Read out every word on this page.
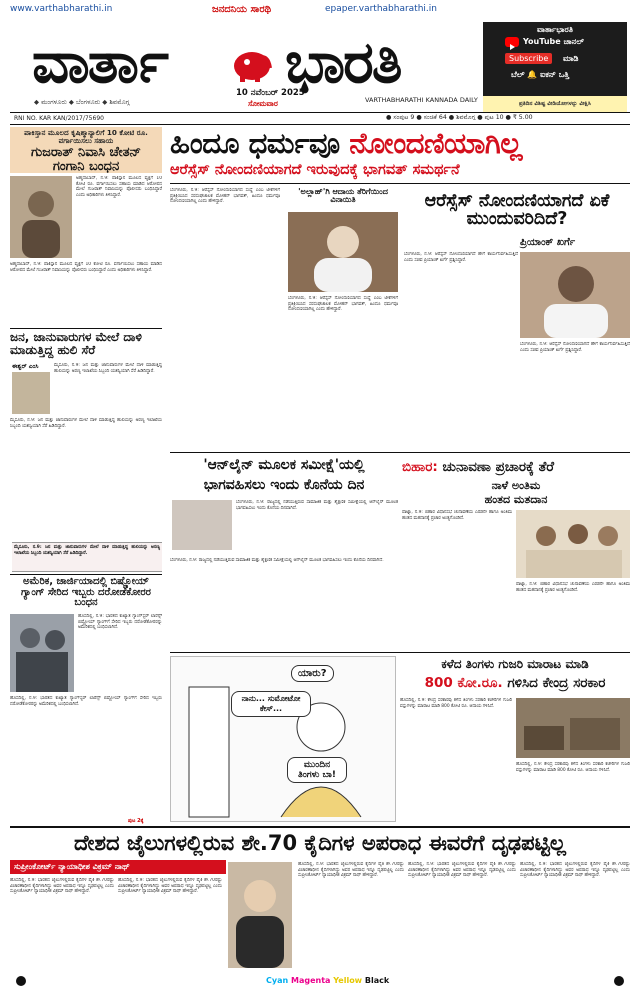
www.varthabharathi.in	epaper.varthabharathi.in
ಜನದನಿಯ ಸಾರಥಿ
ವಾರ್ತಾ ಭಾರತಿ
10 ನವೆಂಬರ್ 2025
ಸೋಮವಾರ
◆ ಮಂಗಳೂರು ◆ ಬೆಂಗಳೂರು ◆ ಶಿವಮೊಗ್ಗ	VARTHABHARATHI KANNADA DAILY
ವಾರ್ತಾಭಾರತಿ
YouTube ಚಾನಲ್
Subscribe	ಮಾಡಿ
ಬೆಲ್ 🔔 ಐಕನ್ ಒತ್ತಿ
ಪ್ರತಿದಿನ ವಿಶಿಷ್ಟ ವೀಡಿಯೋಗಳನ್ನು ವೀಕ್ಷಿಸಿ
RNI NO. KAR KAN/2017/75690	● ಸಂಪುಟ 9 ● ಸಂಚಿಕೆ 64 ● ಶಿವಮೊಗ್ಗ ● ಪುಟ 10 ● ₹ 5.00
ಪಾಕಿಸ್ತಾನ ಮೂಲದ ಕೃಷಿಶ್ಮಾನ್ಯಾಲಿಗೆ 10 ಕೋಟಿ ರೂ. ವರ್ಗಾಯಿಸಲು ಸಹಾಯ
ಗುಜರಾತ್ ನಿವಾಸಿ ಚೇತನ್ ಗಂಗಾನಿ ಬಂಧನ
ಅಹ್ಮದಾಬಾದ್, ನ.9: ಪಾಕಿಸ್ತಾನ ಮೂಲದ ವ್ಯಕ್ತಿಗೆ 10 ಕೋಟಿ ರೂ. ವರ್ಗಾಯಿಸಲು ಸಹಾಯ ಮಾಡಿದ ಆರೋಪದ ಮೇಲೆ ಗುಜರಾತ್ ನಿವಾಸಿಯನ್ನು ಪೊಲೀಸರು ಬಂಧಿಸಿದ್ದಾರೆ ಎಂದು ಅಧಿಕಾರಿಗಳು ತಿಳಿಸಿದ್ದಾರೆ.
ಅಹ್ಮದಾಬಾದ್, ನ.9: ಪಾಕಿಸ್ತಾನ ಮೂಲದ ವ್ಯಕ್ತಿಗೆ 10 ಕೋಟಿ ರೂ. ವರ್ಗಾಯಿಸಲು ಸಹಾಯ ಮಾಡಿದ ಆರೋಪದ ಮೇಲೆ ಗುಜರಾತ್ ನಿವಾಸಿಯನ್ನು ಪೊಲೀಸರು ಬಂಧಿಸಿದ್ದಾರೆ ಎಂದು ಅಧಿಕಾರಿಗಳು ತಿಳಿಸಿದ್ದಾರೆ.
ಜನ, ಜಾನುವಾರುಗಳ ಮೇಲೆ ದಾಳಿ ಮಾಡುತ್ತಿದ್ದ ಹುಲಿ ಸೆರೆ
ಈಶ್ವರ್ ಎಂಸಿ	ಮೈಸೂರು, ನ.9: ಜನ ಮತ್ತು ಜಾನುವಾರುಗಳ ಮೇಲೆ ದಾಳಿ ಮಾಡುತ್ತಿದ್ದ ಹುಲಿಯನ್ನು ಅರಣ್ಯ ಇಲಾಖೆಯ ಸಿಬ್ಬಂದಿ ಯಶಸ್ವಿಯಾಗಿ ಸೆರೆ ಹಿಡಿದಿದ್ದಾರೆ.
ಮೈಸೂರು, ನ.9: ಜನ ಮತ್ತು ಜಾನುವಾರುಗಳ ಮೇಲೆ ದಾಳಿ ಮಾಡುತ್ತಿದ್ದ ಹುಲಿಯನ್ನು ಅರಣ್ಯ ಇಲಾಖೆಯ ಸಿಬ್ಬಂದಿ ಯಶಸ್ವಿಯಾಗಿ ಸೆರೆ ಹಿಡಿದಿದ್ದಾರೆ.
ಮೈಸೂರು, ನ.9: ಜನ ಮತ್ತು ಜಾನುವಾರುಗಳ ಮೇಲೆ ದಾಳಿ ಮಾಡುತ್ತಿದ್ದ ಹುಲಿಯನ್ನು ಅರಣ್ಯ ಇಲಾಖೆಯ ಸಿಬ್ಬಂದಿ ಯಶಸ್ವಿಯಾಗಿ ಸೆರೆ ಹಿಡಿದಿದ್ದಾರೆ.
ಅಮೆರಿಕ, ಜಾರ್ಜಿಯಾದಲ್ಲಿ ಬಿಷ್ಣೋಯ್ ಗ್ಯಾಂಗ್ ಸೇರಿದ ಇಬ್ಬರು ದರೋಡೆಕೋರರ ಬಂಧನ
ಹೊಸದಿಲ್ಲಿ, ನ.9: ಭಾರತದ ಕುಖ್ಯಾತ ಗ್ಯಾಂಗ್‌ಸ್ಟರ್ ಲಾರೆನ್ಸ್ ಬಿಷ್ಣೋಯ್ ಗ್ಯಾಂಗ್‌ಗೆ ಸೇರಿದ ಇಬ್ಬರು ದರೋಡೆಕೋರರನ್ನು ಅಮೆರಿಕದಲ್ಲಿ ಬಂಧಿಸಲಾಗಿದೆ.
ಹೊಸದಿಲ್ಲಿ, ನ.9: ಭಾರತದ ಕುಖ್ಯಾತ ಗ್ಯಾಂಗ್‌ಸ್ಟರ್ ಲಾರೆನ್ಸ್ ಬಿಷ್ಣೋಯ್ ಗ್ಯಾಂಗ್‌ಗೆ ಸೇರಿದ ಇಬ್ಬರು ದರೋಡೆಕೋರರನ್ನು ಅಮೆರಿಕದಲ್ಲಿ ಬಂಧಿಸಲಾಗಿದೆ.
ಪುಟ 2ಕ್ಕೆ
ಹಿಂದೂ ಧರ್ಮವೂ ನೋಂದಣಿಯಾಗಿಲ್ಲ
ಆರೆಸ್ಸೆಸ್ ನೋಂದಣಿಯಾಗದೆ ಇರುವುದಕ್ಕೆ ಭಾಗವತ್ ಸಮರ್ಥನೆ
ಬೆಂಗಳೂರು, ನ.9: ಆರೆಸ್ಸೆಸ್ ನೋಂದಣಿಯಾಗದ ಸಂಸ್ಥೆ ಎಂಬ ಟೀಕೆಗಳಿಗೆ ಪ್ರತಿಕ್ರಿಯಿಸಿದ ಸರಸಂಘಚಾಲಕ ಮೋಹನ್ ಭಾಗವತ್, ಹಿಂದೂ ಧರ್ಮವೂ ನೋಂದಣಿಯಾಗಿಲ್ಲ ಎಂದು ಹೇಳಿದ್ದಾರೆ.
'ಅಲ್ಲಾಹ್'ಗಿ ಆದಾಯ ತೆರಿಗೆಯಿಂದ ವಿನಾಯಿತಿ
ಬೆಂಗಳೂರು, ನ.9: ಆರೆಸ್ಸೆಸ್ ನೋಂದಣಿಯಾಗದ ಸಂಸ್ಥೆ ಎಂಬ ಟೀಕೆಗಳಿಗೆ ಪ್ರತಿಕ್ರಿಯಿಸಿದ ಸರಸಂಘಚಾಲಕ ಮೋಹನ್ ಭಾಗವತ್, ಹಿಂದೂ ಧರ್ಮವೂ ನೋಂದಣಿಯಾಗಿಲ್ಲ ಎಂದು ಹೇಳಿದ್ದಾರೆ.
ಆರೆಸ್ಸೆಸ್ ನೋಂದಣಿಯಾಗದೆ ಏಕೆ ಮುಂದುವರಿದಿದೆ?
ಪ್ರಿಯಾಂಕ್ ಖರ್ಗೆ
ಬೆಂಗಳೂರು, ನ.9: ಆರೆಸ್ಸೆಸ್ ನೋಂದಣಿಯಾಗದೆ ಹೇಗೆ ಕಾರ್ಯನಿರ್ವಹಿಸುತ್ತಿದೆ ಎಂದು ಸಚಿವ ಪ್ರಿಯಾಂಕ್ ಖರ್ಗೆ ಪ್ರಶ್ನಿಸಿದ್ದಾರೆ.
ಬೆಂಗಳೂರು, ನ.9: ಆರೆಸ್ಸೆಸ್ ನೋಂದಣಿಯಾಗದೆ ಹೇಗೆ ಕಾರ್ಯನಿರ್ವಹಿಸುತ್ತಿದೆ ಎಂದು ಸಚಿವ ಪ್ರಿಯಾಂಕ್ ಖರ್ಗೆ ಪ್ರಶ್ನಿಸಿದ್ದಾರೆ.
'ಆನ್‌ಲೈನ್ ಮೂಲಕ ಸಮೀಕ್ಷೆ'ಯಲ್ಲಿ
ಭಾಗವಹಿಸಲು ಇಂದು ಕೊನೆಯ ದಿನ
ಬೆಂಗಳೂರು, ನ.9: ರಾಜ್ಯದಲ್ಲಿ ನಡೆಯುತ್ತಿರುವ ಸಾಮಾಜಿಕ ಮತ್ತು ಶೈಕ್ಷಣಿಕ ಸಮೀಕ್ಷೆಯಲ್ಲಿ ಆನ್‌ಲೈನ್ ಮೂಲಕ ಭಾಗವಹಿಸಲು ಇಂದು ಕೊನೆಯ ದಿನವಾಗಿದೆ.
ಬೆಂಗಳೂರು, ನ.9: ರಾಜ್ಯದಲ್ಲಿ ನಡೆಯುತ್ತಿರುವ ಸಾಮಾಜಿಕ ಮತ್ತು ಶೈಕ್ಷಣಿಕ ಸಮೀಕ್ಷೆಯಲ್ಲಿ ಆನ್‌ಲೈನ್ ಮೂಲಕ ಭಾಗವಹಿಸಲು ಇಂದು ಕೊನೆಯ ದಿನವಾಗಿದೆ.
ಬಿಹಾರ: ಚುನಾವಣಾ ಪ್ರಚಾರಕ್ಕೆ ತೆರೆ
ನಾಳೆ ಅಂತಿಮ
ಹಂತದ ಮತದಾನ
ಪಾಟ್ನಾ, ನ.9: ಬಿಹಾರ ವಿಧಾನಸಭೆ ಚುನಾವಣೆಯ ಎರಡನೇ ಹಾಗೂ ಅಂತಿಮ ಹಂತದ ಮತದಾನಕ್ಕೆ ಪ್ರಚಾರ ಅಂತ್ಯಗೊಂಡಿದೆ.
ಪಾಟ್ನಾ, ನ.9: ಬಿಹಾರ ವಿಧಾನಸಭೆ ಚುನಾವಣೆಯ ಎರಡನೇ ಹಾಗೂ ಅಂತಿಮ ಹಂತದ ಮತದಾನಕ್ಕೆ ಪ್ರಚಾರ ಅಂತ್ಯಗೊಂಡಿದೆ.
ಯಾರು?
ನಾನು... ಸುಮೋಟೋ ಕೇಸ್...
ಮುಂದಿನ ತಿಂಗಳು ಬಾ!
ಕಳೆದ ತಿಂಗಳು ಗುಜರಿ ಮಾರಾಟ ಮಾಡಿ
800 ಕೋ.ರೂ. ಗಳಿಸಿದ ಕೇಂದ್ರ ಸರಕಾರ
ಹೊಸದಿಲ್ಲಿ, ನ.9: ಕೇಂದ್ರ ಸರಕಾರವು ಕಳೆದ ತಿಂಗಳು ಸರಕಾರಿ ಕಚೇರಿಗಳ ಗುಜರಿ ವಸ್ತುಗಳನ್ನು ಮಾರಾಟ ಮಾಡಿ 800 ಕೋಟಿ ರೂ. ಆದಾಯ ಗಳಿಸಿದೆ.
ಹೊಸದಿಲ್ಲಿ, ನ.9: ಕೇಂದ್ರ ಸರಕಾರವು ಕಳೆದ ತಿಂಗಳು ಸರಕಾರಿ ಕಚೇರಿಗಳ ಗುಜರಿ ವಸ್ತುಗಳನ್ನು ಮಾರಾಟ ಮಾಡಿ 800 ಕೋಟಿ ರೂ. ಆದಾಯ ಗಳಿಸಿದೆ.
ದೇಶದ ಜೈಲುಗಳಲ್ಲಿರುವ ಶೇ.70 ಕೈದಿಗಳ ಅಪರಾಧ ಈವರೆಗೆ ದೃಢಪಟ್ಟಿಲ್ಲ
ಸುಪ್ರೀಂಕೋರ್ಟ್ ನ್ಯಾಯಾಧೀಶ ವಿಕ್ರಮ್ ನಾಥ್
ಹೊಸದಿಲ್ಲಿ, ನ.9: ಭಾರತದ ಜೈಲುಗಳಲ್ಲಿರುವ ಕೈದಿಗಳ ಪೈಕಿ ಶೇ.70ರಷ್ಟು ವಿಚಾರಣಾಧೀನ ಕೈದಿಗಳಾಗಿದ್ದು ಅವರ ಅಪರಾಧ ಇನ್ನೂ ದೃಢಪಟ್ಟಿಲ್ಲ ಎಂದು ಸುಪ್ರೀಂಕೋರ್ಟ್ ನ್ಯಾಯಾಧೀಶ ವಿಕ್ರಮ್ ನಾಥ್ ಹೇಳಿದ್ದಾರೆ.
ಹೊಸದಿಲ್ಲಿ, ನ.9: ಭಾರತದ ಜೈಲುಗಳಲ್ಲಿರುವ ಕೈದಿಗಳ ಪೈಕಿ ಶೇ.70ರಷ್ಟು ವಿಚಾರಣಾಧೀನ ಕೈದಿಗಳಾಗಿದ್ದು ಅವರ ಅಪರಾಧ ಇನ್ನೂ ದೃಢಪಟ್ಟಿಲ್ಲ ಎಂದು ಸುಪ್ರೀಂಕೋರ್ಟ್ ನ್ಯಾಯಾಧೀಶ ವಿಕ್ರಮ್ ನಾಥ್ ಹೇಳಿದ್ದಾರೆ.
ಹೊಸದಿಲ್ಲಿ, ನ.9: ಭಾರತದ ಜೈಲುಗಳಲ್ಲಿರುವ ಕೈದಿಗಳ ಪೈಕಿ ಶೇ.70ರಷ್ಟು ವಿಚಾರಣಾಧೀನ ಕೈದಿಗಳಾಗಿದ್ದು ಅವರ ಅಪರಾಧ ಇನ್ನೂ ದೃಢಪಟ್ಟಿಲ್ಲ ಎಂದು ಸುಪ್ರೀಂಕೋರ್ಟ್ ನ್ಯಾಯಾಧೀಶ ವಿಕ್ರಮ್ ನಾಥ್ ಹೇಳಿದ್ದಾರೆ.
ಹೊಸದಿಲ್ಲಿ, ನ.9: ಭಾರತದ ಜೈಲುಗಳಲ್ಲಿರುವ ಕೈದಿಗಳ ಪೈಕಿ ಶೇ.70ರಷ್ಟು ವಿಚಾರಣಾಧೀನ ಕೈದಿಗಳಾಗಿದ್ದು ಅವರ ಅಪರಾಧ ಇನ್ನೂ ದೃಢಪಟ್ಟಿಲ್ಲ ಎಂದು ಸುಪ್ರೀಂಕೋರ್ಟ್ ನ್ಯಾಯಾಧೀಶ ವಿಕ್ರಮ್ ನಾಥ್ ಹೇಳಿದ್ದಾರೆ.
ಹೊಸದಿಲ್ಲಿ, ನ.9: ಭಾರತದ ಜೈಲುಗಳಲ್ಲಿರುವ ಕೈದಿಗಳ ಪೈಕಿ ಶೇ.70ರಷ್ಟು ವಿಚಾರಣಾಧೀನ ಕೈದಿಗಳಾಗಿದ್ದು ಅವರ ಅಪರಾಧ ಇನ್ನೂ ದೃಢಪಟ್ಟಿಲ್ಲ ಎಂದು ಸುಪ್ರೀಂಕೋರ್ಟ್ ನ್ಯಾಯಾಧೀಶ ವಿಕ್ರಮ್ ನಾಥ್ ಹೇಳಿದ್ದಾರೆ.
Cyan Magenta Yellow Black
